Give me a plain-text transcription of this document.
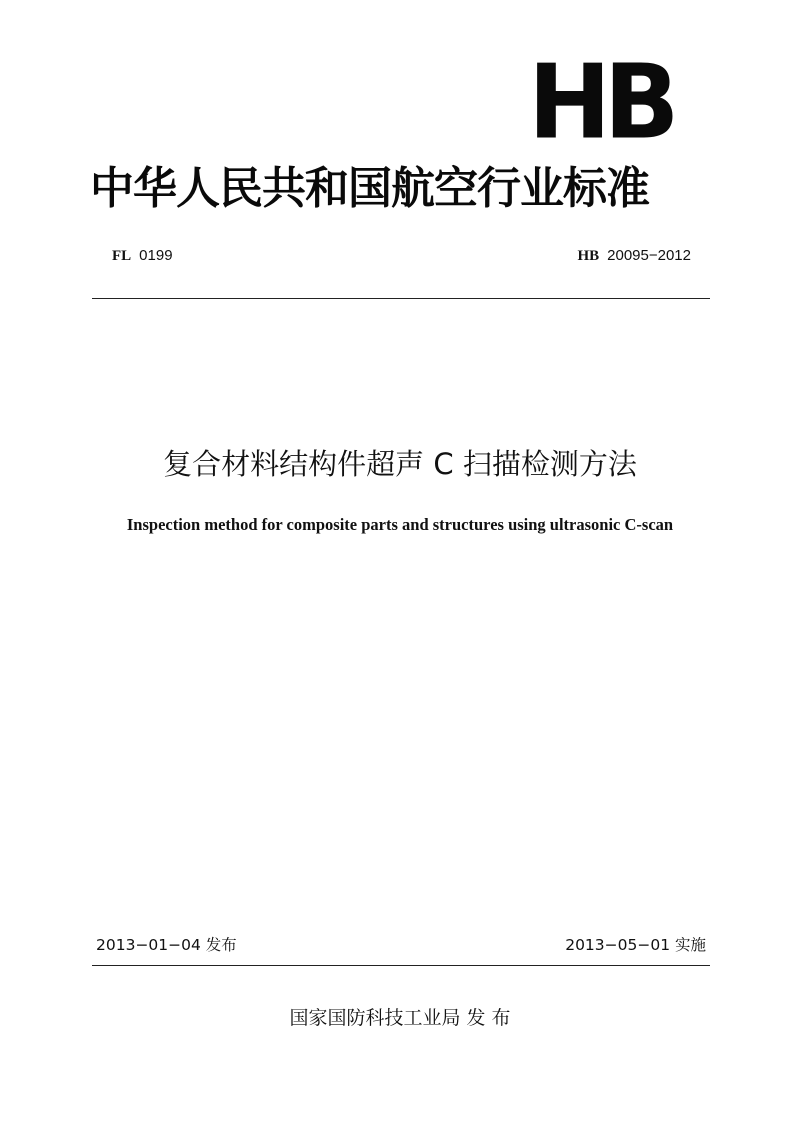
HB
中华人民共和国航空行业标准
FL 0199	HB 20095−2012
复合材料结构件超声 C 扫描检测方法
Inspection method for composite parts and structures using ultrasonic C-scan
2013−01−04 发布	2013−05−01 实施

国家国防科技工业局 发 布
